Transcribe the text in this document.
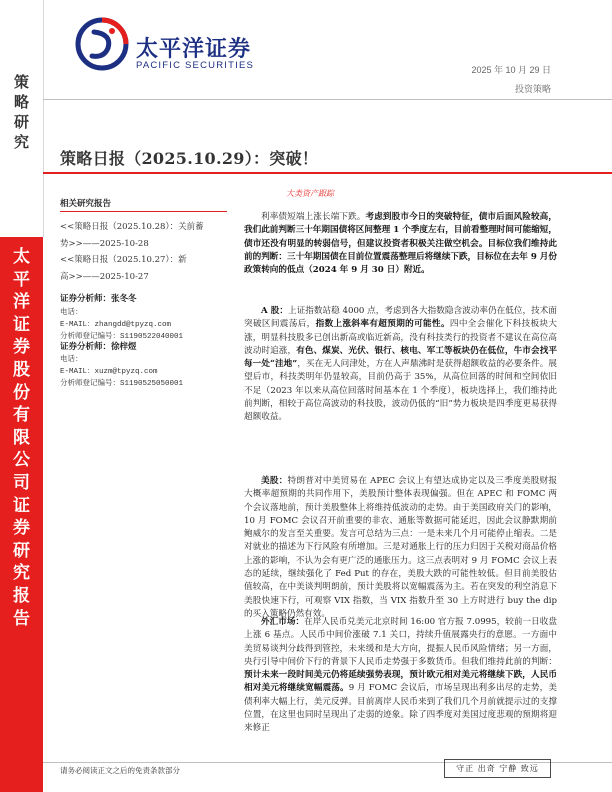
策
略
研
究
太
平
洋
证
券
股
份
有
限
公
司
证
券
研
究
报
告
太平洋证券
PACIFIC SECURITIES	2025 年 10 月 29 日
投资策略
策略日报（2025.10.29）：突破！
大类资产跟踪
相关研究报告
<<策略日报（2025.10.28）：关前蓄
势>>——2025-10-28
<<策略日报（2025.10.27）：新
高>>——2025-10-27
证券分析师：张冬冬
电话：
E-MAIL：zhangdd@tpyzq.com
分析师登记编号：S1190522040001
证券分析师：徐梓煜
电话：
E-MAIL：xuzm@tpyzq.com
分析师登记编号：S1190525050001
利率债短端上涨长端下跌。考虑到股市今日的突破特征，债市后面风险较高，我们此前判断三十年期国债将区间整理 1 个季度左右，目前看整理时间可能缩短，债市还没有明显的转弱信号，但建议投资者积极关注做空机会。目标位我们维持此前的判断：三十年期国债在目前位置震荡整理后将继续下跌，目标位在去年 9 月份政策转向的低点（2024 年 9 月 30 日）附近。
A 股：上证指数站稳 4000 点，考虑到各大指数隐含波动率仍在低位，技术面突破区间震荡后，指数上涨斜率有超预期的可能性。四中全会催化下科技板块大涨，明显科技股多已创出新高或临近新高，没有科技类行的投资者不建议在高位高波动时追涨，有色、煤炭、光伏、银行、核电、军工等板块仍在低位，牛市会找平每一处“洼地”，买在无人问津处，方在人声鼎沸时是获得超额收益的必要条件。展望后市，科技类明年仍显较高，目前仍高于 35%，从高位回落的时间和空间依旧不足（2023 年以来从高位回落时间基本在 1 个季度），板块选择上，我们维持此前判断，相较于高位高波动的科技股，波动仍低的“旧”势力板块是四季度更易获得超额收益。
美股：特朗普对中美贸易在 APEC 会议上有望达成协定以及三季度美股财报大概率超预期的共同作用下，美股预计整体表现偏强。但在 APEC 和 FOMC 两个会议落地前，预计美股整体上将维持低波动的走势。由于美国政府关门的影响，10 月 FOMC 会议召开前重要的非农、通胀等数据可能延迟，因此会议静默期前鲍威尔的发言至关重要。发言可总结为三点：一是未来几个月可能停止缩表。二是对就业的描述为下行风险有所增加。三是对通胀上行的压力归因于关税对商品价格上涨的影响，不认为会有更广泛的通胀压力。这三点表明对 9 月 FOMC 会议上表态的延续，继续强化了 Fed Put 的存在，美股大跌的可能性较低。但目前美股估值较高，在中美谈判明朗前，预计美股将以宽幅震荡为主。若在突发的利空消息下美股快速下行，可观察 VIX 指数，当 VIX 指数升至 30 上方时进行 buy the dip 的买入策略仍然有效。
外汇市场：在岸人民币兑美元北京时间 16:00 官方报 7.0995，较前一日收盘上涨 6 基点。人民币中间价涨破 7.1 关口，持续升值展露央行的意愿。一方面中美贸易谈判分歧得到管控，未来缓和是大方向，提振人民币风险情绪；另一方面，央行引导中间价下行的背景下人民币走势强于多数货币。但我们维持此前的判断：预计未来一段时间美元仍将延续强势表现，预计欧元相对美元将继续下跌，人民币相对美元将继续宽幅震荡。9 月 FOMC 会议后，市场呈现出利多出尽的走势，美债利率大幅上行，美元反弹。目前离岸人民币来到了我们几个月前就提示过的支撑位置，在这里也同时呈现出了走弱的迹象。除了四季度对美国过度悲观的预期将迎来修正
请务必阅读正文之后的免责条款部分	守正 出奇 宁静 致远
